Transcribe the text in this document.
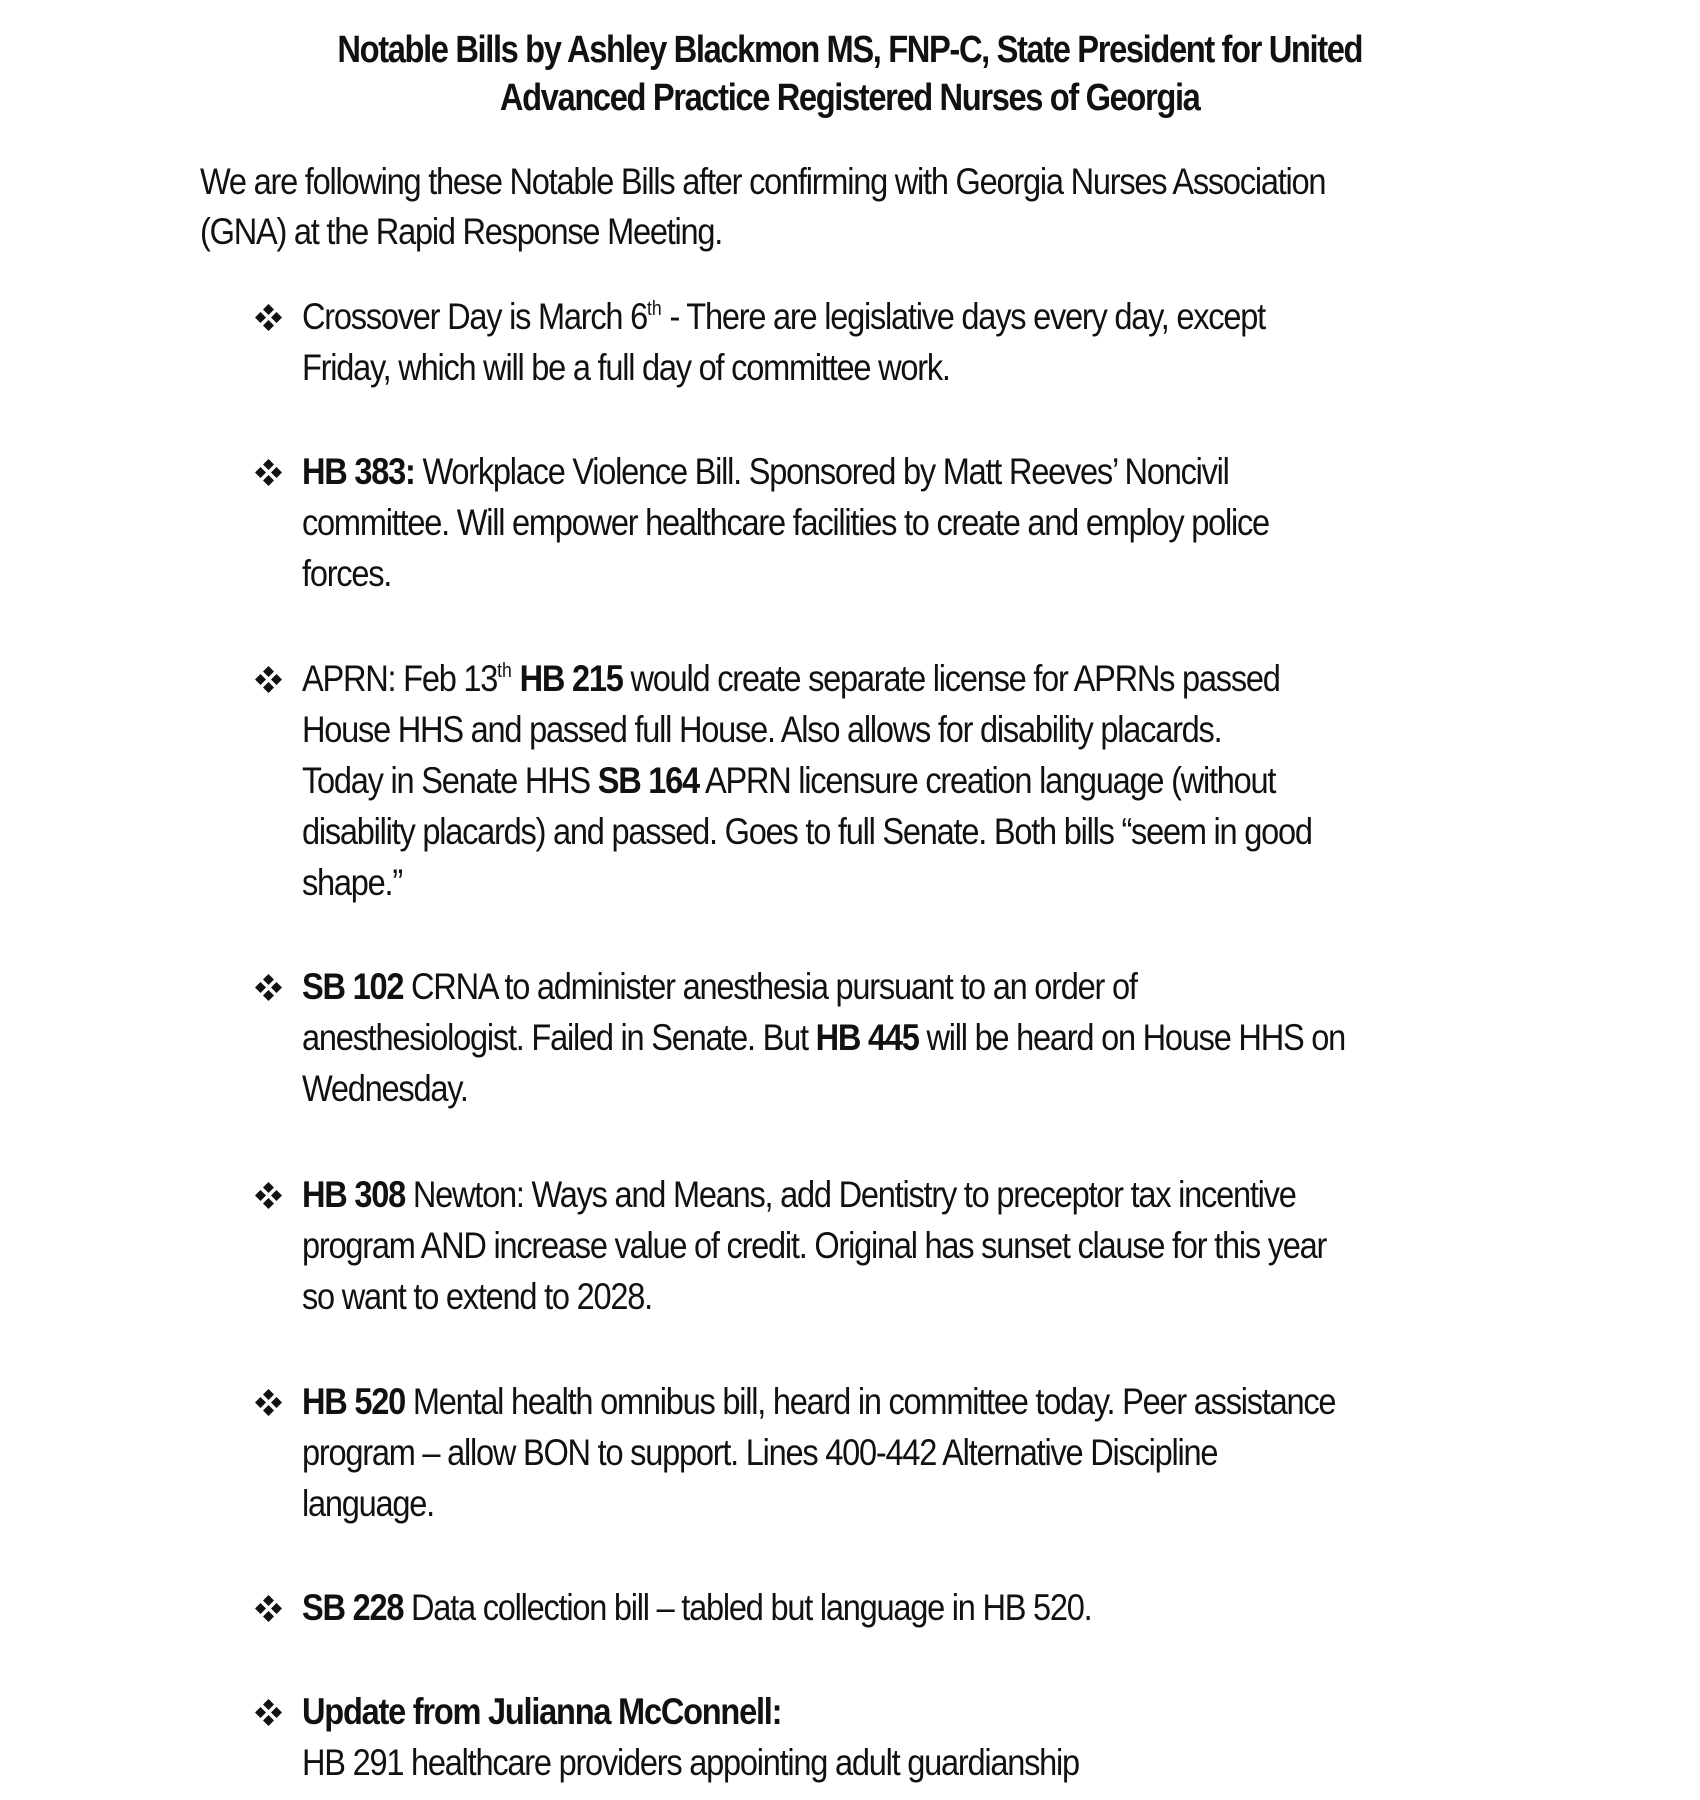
Notable Bills by Ashley Blackmon MS, FNP-C, State President for United
Advanced Practice Registered Nurses of Georgia
We are following these Notable Bills after confirming with Georgia Nurses Association
(GNA) at the Rapid Response Meeting.
Crossover Day is March 6th - There are legislative days every day, except
Friday, which will be a full day of committee work.
HB 383: Workplace Violence Bill. Sponsored by Matt Reeves’ Noncivil
committee. Will empower healthcare facilities to create and employ police
forces.
APRN: Feb 13th HB 215 would create separate license for APRNs passed
House HHS and passed full House. Also allows for disability placards.
Today in Senate HHS SB 164 APRN licensure creation language (without
disability placards) and passed. Goes to full Senate. Both bills “seem in good
shape.”
SB 102 CRNA to administer anesthesia pursuant to an order of
anesthesiologist. Failed in Senate. But HB 445 will be heard on House HHS on
Wednesday.
HB 308 Newton: Ways and Means, add Dentistry to preceptor tax incentive
program AND increase value of credit. Original has sunset clause for this year
so want to extend to 2028.
HB 520 Mental health omnibus bill, heard in committee today. Peer assistance
program – allow BON to support. Lines 400-442 Alternative Discipline
language.
SB 228 Data collection bill – tabled but language in HB 520.
Update from Julianna McConnell:
HB 291 healthcare providers appointing adult guardianship
